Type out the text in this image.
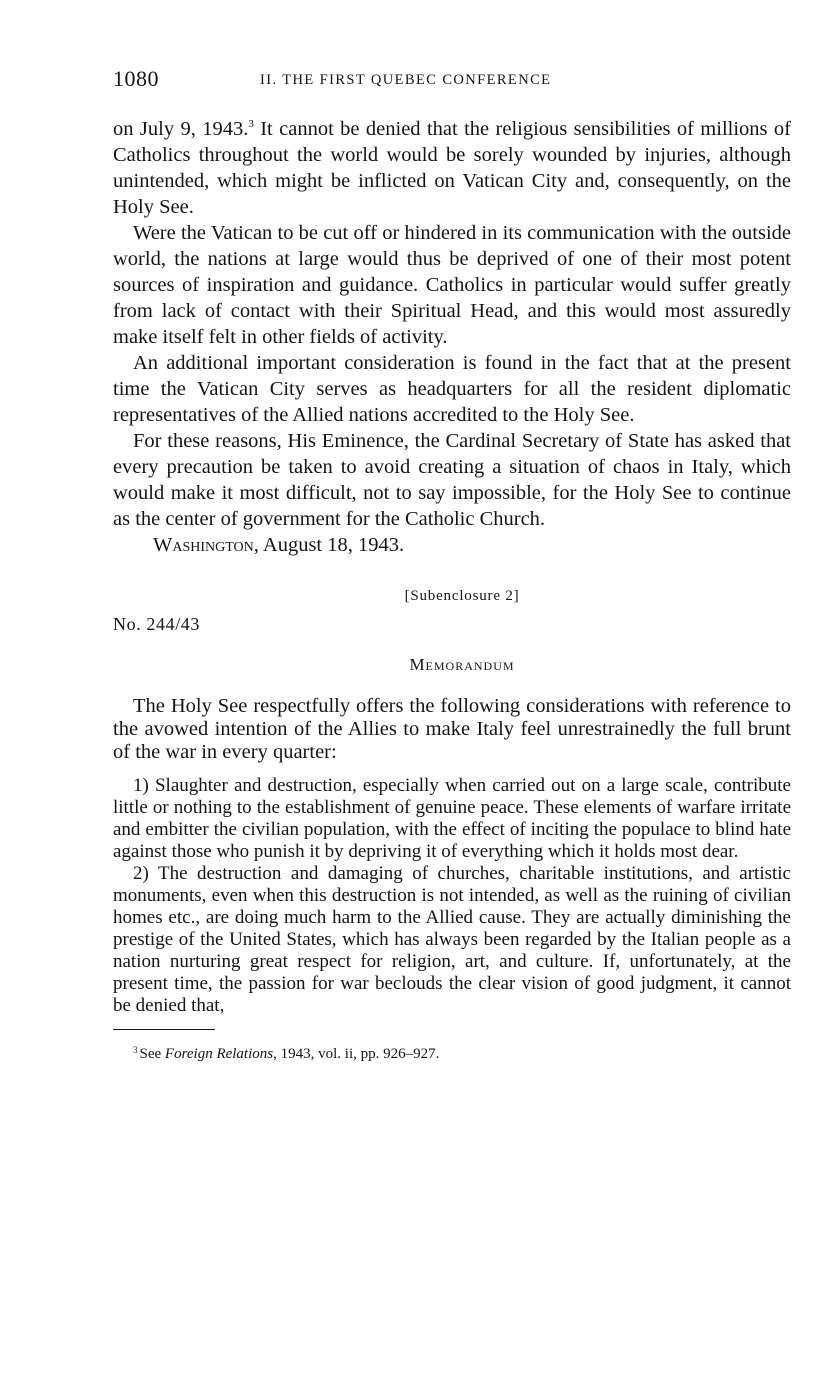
1080	II. THE FIRST QUEBEC CONFERENCE

on July 9, 1943.$^3$ It cannot be denied that the religious sensibilities of millions of Catholics throughout the world would be sorely wounded by injuries, although unintended, which might be inflicted on Vatican City and, consequently, on the Holy See.

Were the Vatican to be cut off or hindered in its communication with the outside world, the nations at large would thus be deprived of one of their most potent sources of inspiration and guidance. Catholics in particular would suffer greatly from lack of contact with their Spiritual Head, and this would most assuredly make itself felt in other fields of activity.

An additional important consideration is found in the fact that at the present time the Vatican City serves as headquarters for all the resident diplomatic representatives of the Allied nations accredited to the Holy See.

For these reasons, His Eminence, the Cardinal Secretary of State has asked that every precaution be taken to avoid creating a situation of chaos in Italy, which would make it most difficult, not to say impossible, for the Holy See to continue as the center of government for the Catholic Church.

Washington, August 18, 1943.

[Subenclosure 2]
No. 244/43
Memorandum

The Holy See respectfully offers the following considerations with reference to the avowed intention of the Allies to make Italy feel unrestrainedly the full brunt of the war in every quarter:

1) Slaughter and destruction, especially when carried out on a large scale, contribute little or nothing to the establishment of genuine peace. These elements of warfare irritate and embitter the civilian population, with the effect of inciting the populace to blind hate against those who punish it by depriving it of everything which it holds most dear.

2) The destruction and damaging of churches, charitable institutions, and artistic monuments, even when this destruction is not intended, as well as the ruining of civilian homes etc., are doing much harm to the Allied cause. They are actually diminishing the prestige of the United States, which has always been regarded by the Italian people as a nation nurturing great respect for religion, art, and culture. If, unfortunately, at the present time, the passion for war beclouds the clear vision of good judgment, it cannot be denied that,

$^3$ See Foreign Relations, 1943, vol. ii, pp. 926–927.
